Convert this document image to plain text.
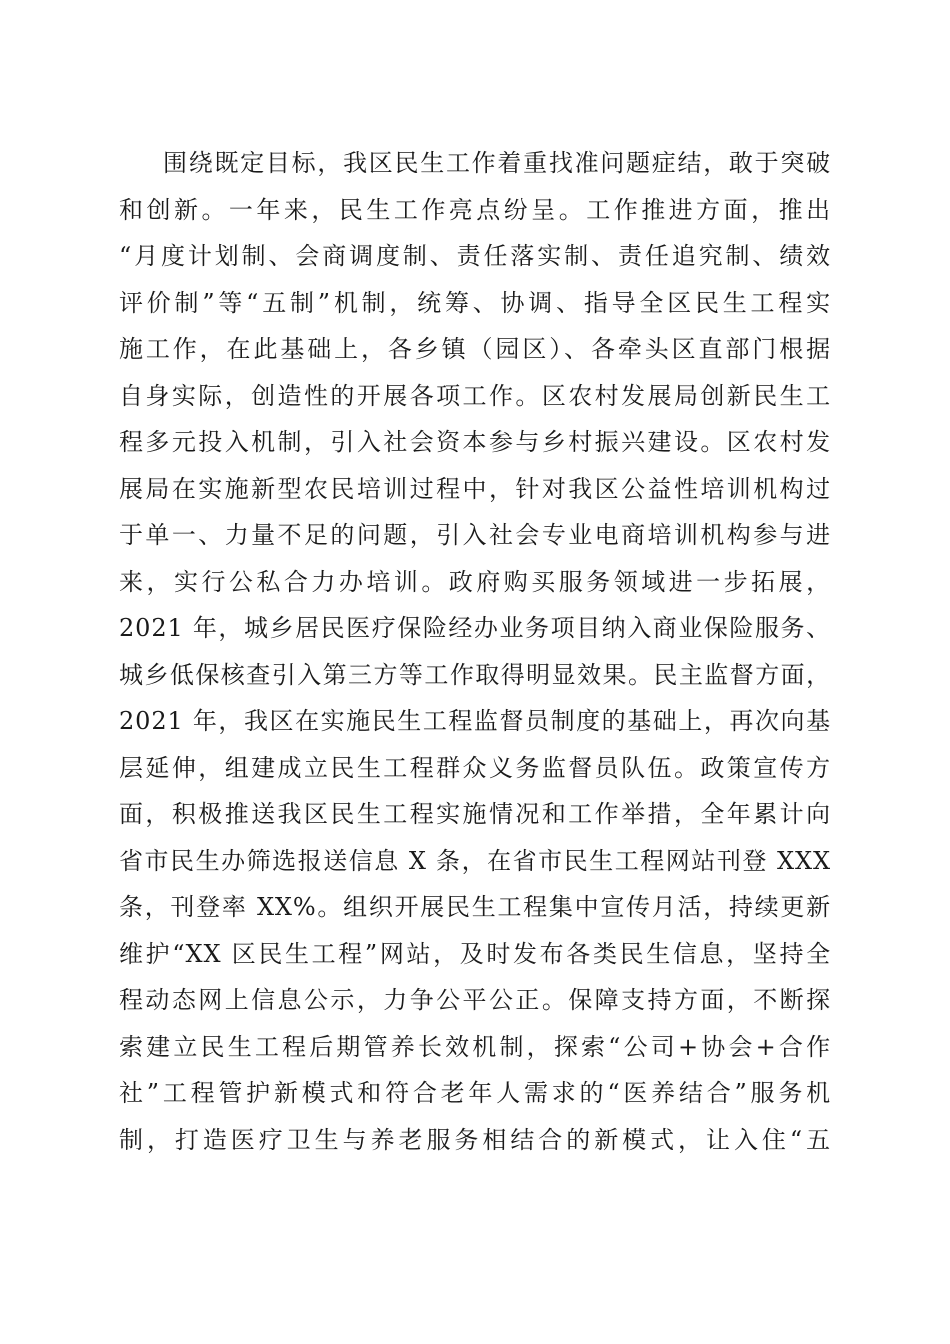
围绕既定目标，我区民生工作着重找准问题症结，敢于突破
和创新。一年来，民生工作亮点纷呈。工作推进方面，推出
“月度计划制、会商调度制、责任落实制、责任追究制、绩效
评价制”等“五制”机制，统筹、协调、指导全区民生工程实
施工作，在此基础上，各乡镇（园区）、各牵头区直部门根据
自身实际，创造性的开展各项工作。区农村发展局创新民生工
程多元投入机制，引入社会资本参与乡村振兴建设。区农村发
展局在实施新型农民培训过程中，针对我区公益性培训机构过
于单一、力量不足的问题，引入社会专业电商培训机构参与进
来，实行公私合力办培训。政府购买服务领域进一步拓展，
2021 年，城乡居民医疗保险经办业务项目纳入商业保险服务、
城乡低保核查引入第三方等工作取得明显效果。民主监督方面，
2021 年，我区在实施民生工程监督员制度的基础上，再次向基
层延伸，组建成立民生工程群众义务监督员队伍。政策宣传方
面，积极推送我区民生工程实施情况和工作举措，全年累计向
省市民生办筛选报送信息 X 条，在省市民生工程网站刊登 XXX
条，刊登率 XX%。组织开展民生工程集中宣传月活，持续更新
维护“XX 区民生工程”网站，及时发布各类民生信息，坚持全
程动态网上信息公示，力争公平公正。保障支持方面，不断探
索建立民生工程后期管养长效机制，探索“公司+协会+合作
社”工程管护新模式和符合老年人需求的“医养结合”服务机
制，打造医疗卫生与养老服务相结合的新模式，让入住“五
